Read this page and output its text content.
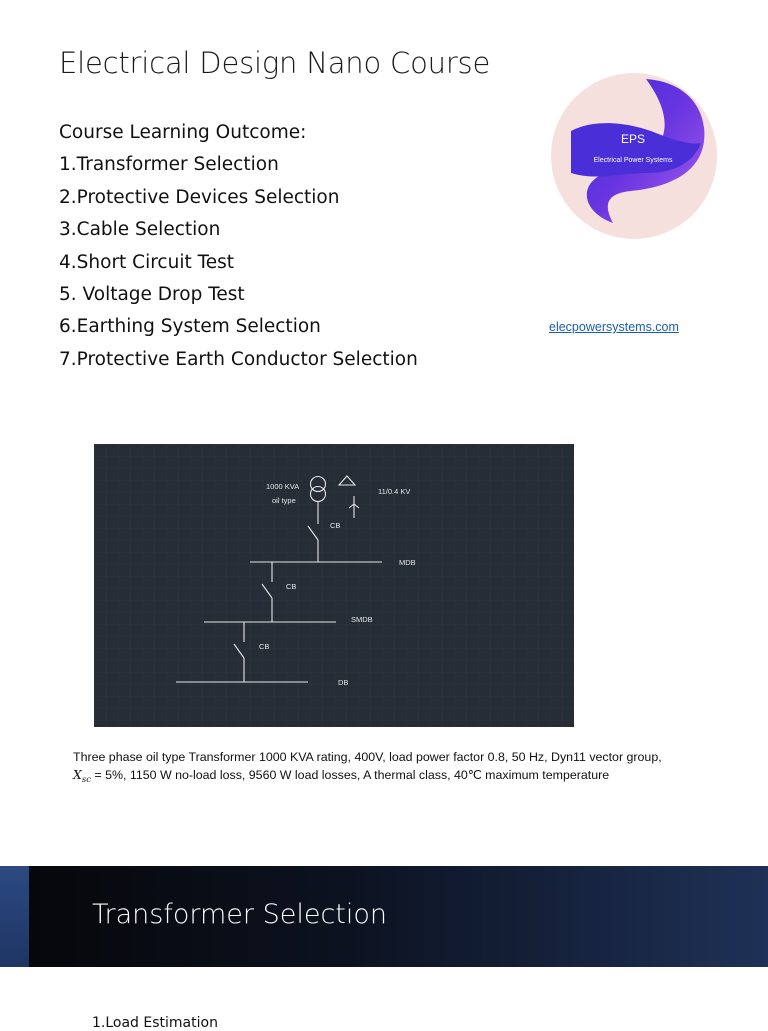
Electrical Design Nano Course
Course Learning Outcome:
1.Transformer Selection
2.Protective Devices Selection
3.Cable Selection
4.Short Circuit Test
5. Voltage Drop Test
6.Earthing System Selection
7.Protective Earth Conductor Selection
EPS
Electrical Power Systems
elecpowersystems.com
1000 KVA
oil type
11/0.4 KV
CB
MDB
CB
SMDB
CB
DB
Three phase oil type Transformer 1000 KVA rating, 400V, load power factor 0.8, 50 Hz, Dyn11 vector group, $X_{sc} = 5\%$, 1150 W no-load loss, 9560 W load losses, A thermal class, 40℃ maximum temperature
Transformer Selection
1.Load Estimation
